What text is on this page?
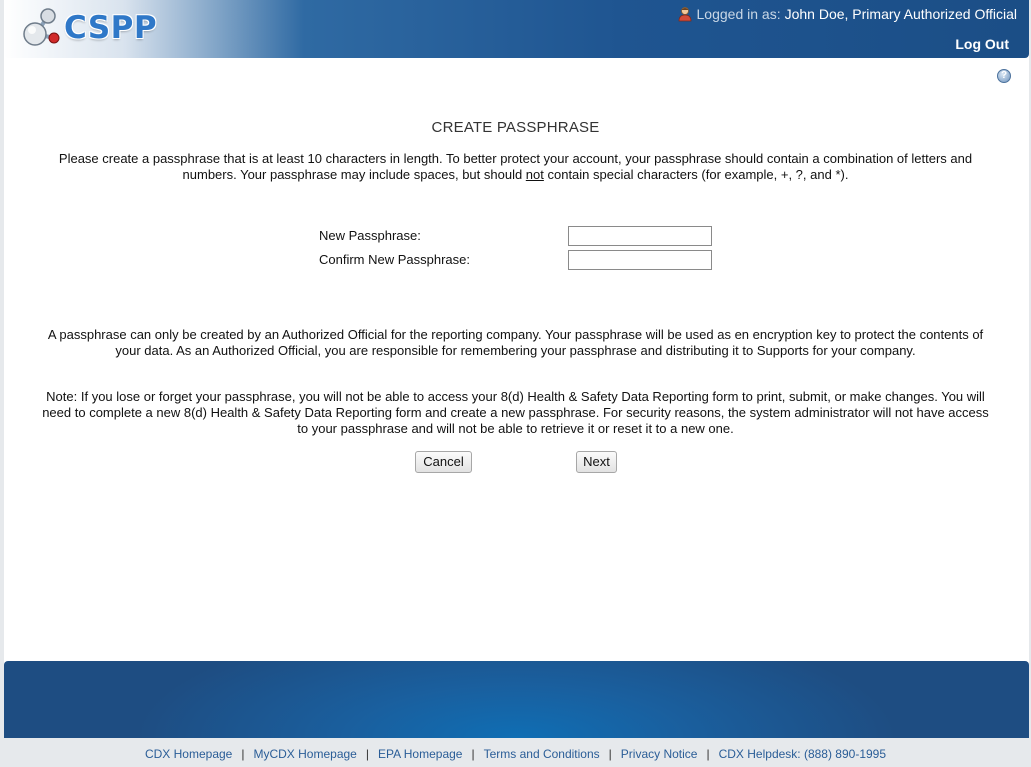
CSPP	Logged in as: John Doe, Primary Authorized Official
Log Out
?
CREATE PASSPHRASE
Please create a passphrase that is at least 10 characters in length. To better protect your account, your passphrase should contain a combination of letters and numbers. Your passphrase may include spaces, but should not contain special characters (for example, +, ?, and *).
New Passphrase:
Confirm New Passphrase:
A passphrase can only be created by an Authorized Official for the reporting company. Your passphrase will be used as en encryption key to protect the contents of your data. As an Authorized Official, you are responsible for remembering your passphrase and distributing it to Supports for your company.
Note: If you lose or forget your passphrase, you will not be able to access your 8(d) Health & Safety Data Reporting form to print, submit, or make changes. You will need to complete a new 8(d) Health & Safety Data Reporting form and create a new passphrase. For security reasons, the system administrator will not have access to your passphrase and will not be able to retrieve it or reset it to a new one.
Cancel	Next
CDX Homepage | MyCDX Homepage | EPA Homepage | Terms and Conditions | Privacy Notice | CDX Helpdesk: (888) 890-1995
